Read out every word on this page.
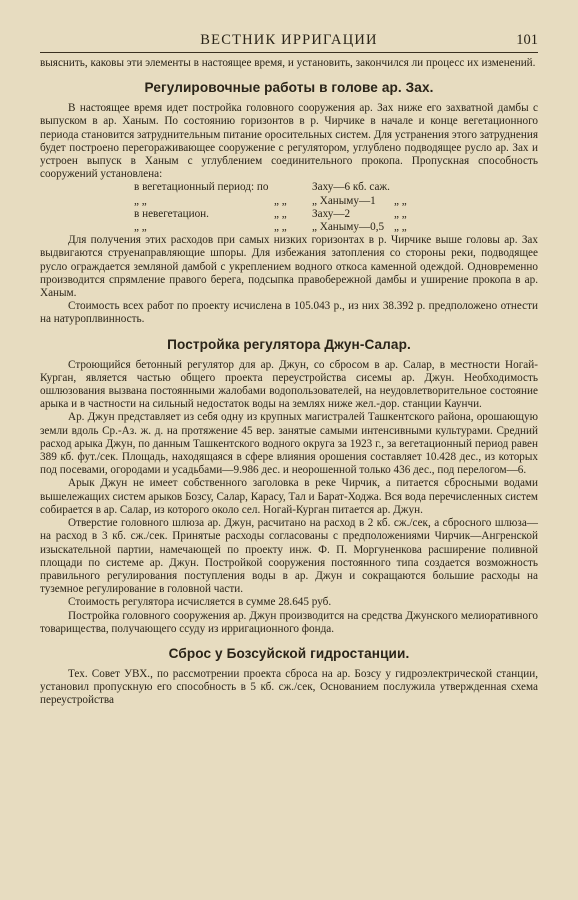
ВЕСТНИК ИРРИГАЦИИ	101

выяснить, каковы эти элементы в настоящее время, и установить, закончился ли процесс их изменений.

Регулировочные работы в голове ар. Зах.

В настоящее время идет постройка головного сооружения ар. Зах ниже его захватной дамбы с выпуском в ар. Ханым. По состоянию горизонтов в р. Чирчике в начале и конце вегетационного периода становится затруднительным питание оросительных систем. Для устранения этого затруднения будет построено перегораживающее сооружение с регулятором, углублено подводящее русло ар. Зах и устроен выпуск в Ханым с углублением соединительного прокопа. Пропускная способность сооружений установлена:

в вегетационный период: по	Заху—6 кб. саж.
„ „	„ „	„ Ханыму—1	„ „
в невегетацион.	„ „	Заху—2	„ „
„ „	„ „	„ Ханыму—0,5 „ „

Для получения этих расходов при самых низких горизонтах в р. Чирчике выше головы ар. Зах выдвигаются струенаправляющие шпоры. Для избежания затопления со стороны реки, подводящее русло ограждается земляной дамбой с укреплением водного откоса каменной одеждой. Одновременно производится спрямление правого берега, подсыпка правобережной дамбы и уширение прокопа в ар. Ханым.

Стоимость всех работ по проекту исчислена в 105.043 р., из них 38.392 р. предположено отнести на натуроплвинность.

Постройка регулятора Джун-Салар.

Строющийся бетонный регулятор для ар. Джун, со сбросом в ар. Салар, в местности Ногай-Курган, является частью общего проекта переустройства сисемы ар. Джун. Необходимость ошлюзования вызвана постоянными жалобами водопользователей, на неудовлетворительное состояние арыка и в частности на сильный недостаток воды на землях ниже жел.-дор. станции Каунчи.

Ар. Джун представляет из себя одну из крупных магистралей Ташкентского района, орошающую земли вдоль Ср.-Аз. ж. д. на протяжение 45 вер. занятые самыми интенсивными культурами. Средний расход арыка Джун, по данным Ташкентского водного округа за 1923 г., за вегетационный период равен 389 кб. фут./сек. Площадь, находящаяся в сфере влияния орошения составляет 10.428 дес., из которых под посевами, огородами и усадьбами—9.986 дес. и неорошенной только 436 дес., под перелогом—6.

Арык Джун не имеет собственного заголовка в реке Чирчик, а питается сбросными водами вышележащих систем арыков Бозсу, Салар, Карасу, Тал и Барат-Ходжа. Вся вода перечисленных систем собирается в ар. Салар, из которого около сел. Ногай-Курган питается ар. Джун.

Отверстие головного шлюза ар. Джун, расчитано на расход в 2 кб. сж./сек, а сбросного шлюза—на расход в 3 кб. сж./сек. Принятые расходы согласованы с предположениями Чирчик—Ангренской изыскательной партии, намечающей по проекту инж. Ф. П. Моргуненкова расширение поливной площади по системе ар. Джун. Постройкой сооружения постоянного типа создается возможность правильного регулирования поступления воды в ар. Джун и сокращаются большие расходы на туземное регулирование в головной части.

Стоимость регулятора исчисляется в сумме 28.645 руб.

Постройка головного сооружения ар. Джун производится на средства Джунского мелиоративного товарищества, получающего ссуду из ирригационного фонда.

Сброс у Бозсуйской гидростанции.

Тех. Совет УВХ., по рассмотрении проекта сброса на ар. Бозсу у гидроэлектрической станции, установил пропускную его способность в 5 кб. сж./сек, Основанием послужила утвержденная схема переустройства
